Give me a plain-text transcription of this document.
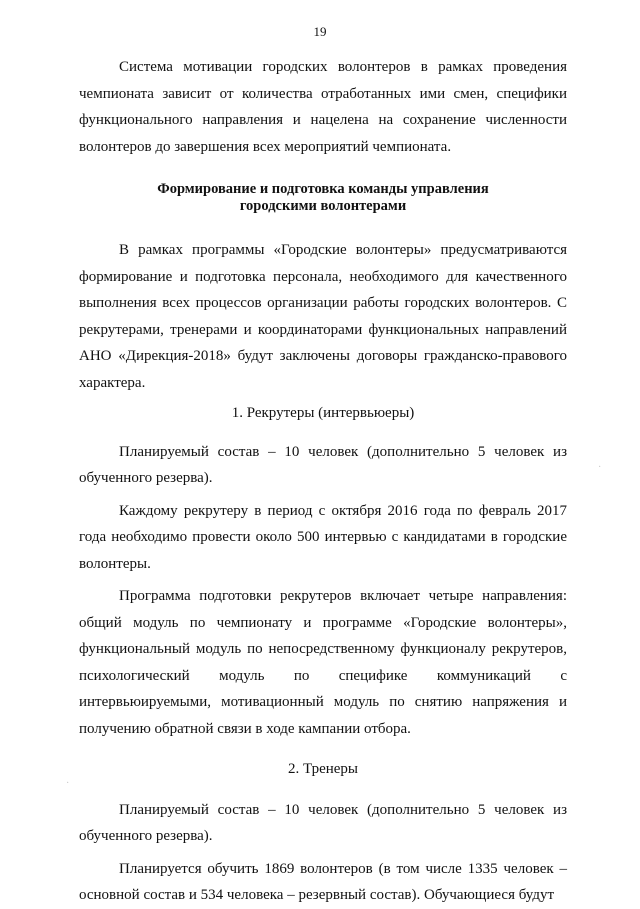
19

Система мотивации городских волонтеров в рамках проведения чемпионата зависит от количества отработанных ими смен, специфики функционального направления и нацелена на сохранение численности волонтеров до завершения всех мероприятий чемпионата.

Формирование и подготовка команды управления
городскими волонтерами

В рамках программы «Городские волонтеры» предусматриваются формирование и подготовка персонала, необходимого для качественного выполнения всех процессов организации работы городских волонтеров. С рекрутерами, тренерами и координаторами функциональных направлений АНО «Дирекция-2018» будут заключены договоры гражданско-правового характера.

1. Рекрутеры (интервьюеры)

Планируемый состав – 10 человек (дополнительно 5 человек из обученного резерва).

Каждому рекрутеру в период с октября 2016 года по февраль 2017 года необходимо провести около 500 интервью с кандидатами в городские волонтеры.

Программа подготовки рекрутеров включает четыре направления: общий модуль по чемпионату и программе «Городские волонтеры», функциональный модуль по непосредственному функционалу рекрутеров, психологический модуль по специфике коммуникаций с интервьюируемыми, мотивационный модуль по снятию напряжения и получению обратной связи в ходе кампании отбора.

2. Тренеры

Планируемый состав – 10 человек (дополнительно 5 человек из обученного резерва).

Планируется обучить 1869 волонтеров (в том числе 1335 человек – основной состав и 534 человека – резервный состав). Обучающиеся будут

·
·
